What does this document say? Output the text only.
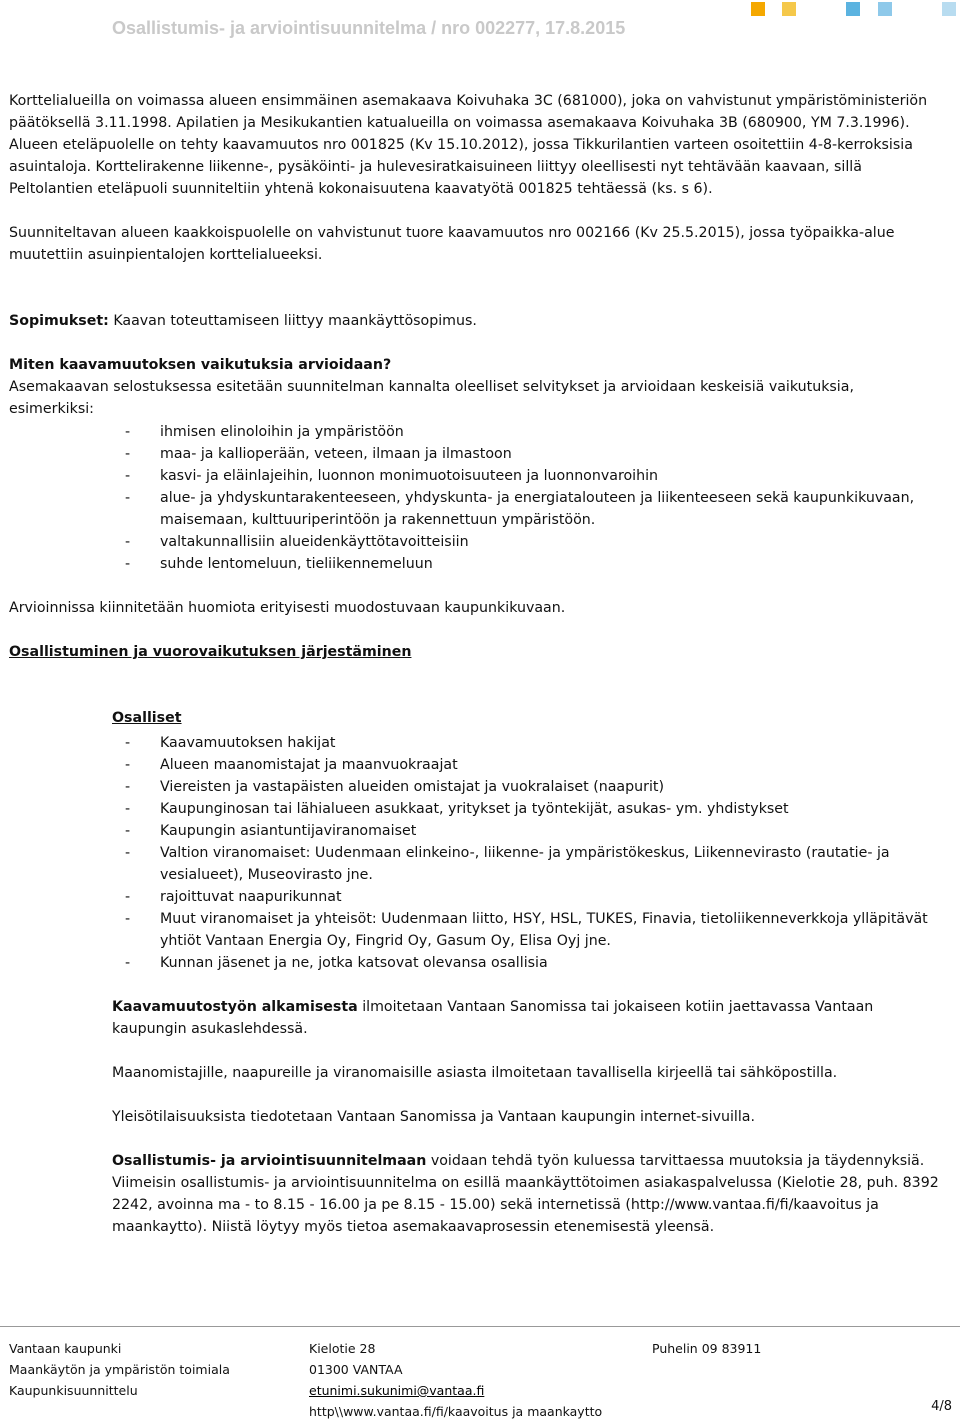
Osallistumis- ja arviointisuunnitelma / nro 002277, 17.8.2015

Korttelialueilla on voimassa alueen ensimmäinen asemakaava Koivuhaka 3C (681000), joka on vahvistunut ympäristöministeriön päätöksellä 3.11.1998. Apilatien ja Mesikukantien katualueilla on voimassa asemakaava Koivuhaka 3B (680900, YM 7.3.1996). Alueen eteläpuolelle on tehty kaavamuutos nro 001825 (Kv 15.10.2012), jossa Tikkurilantien varteen osoitettiin 4-8-kerroksisia asuintaloja. Korttelirakenne liikenne-, pysäköinti- ja hulevesiratkaisuineen liittyy oleellisesti nyt tehtävään kaavaan, sillä Peltolantien eteläpuoli suunniteltiin yhtenä kokonaisuutena kaavatyötä 001825 tehtäessä (ks. s 6).

Suunniteltavan alueen kaakkoispuolelle on vahvistunut tuore kaavamuutos nro 002166 (Kv 25.5.2015), jossa työpaikka-alue muutettiin asuinpientalojen korttelialueeksi.

Sopimukset: Kaavan toteuttamiseen liittyy maankäyttösopimus.

Miten kaavamuutoksen vaikutuksia arvioidaan?

Asemakaavan selostuksessa esitetään suunnitelman kannalta oleelliset selvitykset ja arvioidaan keskeisiä vaikutuksia, esimerkiksi:

- ihmisen elinoloihin ja ympäristöön
- maa- ja kallioperään, veteen, ilmaan ja ilmastoon
- kasvi- ja eläinlajeihin, luonnon monimuotoisuuteen ja luonnonvaroihin
- alue- ja yhdyskuntarakenteeseen, yhdyskunta- ja energiatalouteen ja liikenteeseen sekä kaupunkikuvaan, maisemaan, kulttuuriperintöön ja rakennettuun ympäristöön.
- valtakunnallisiin alueidenkäyttötavoitteisiin
- suhde lentomeluun, tieliikennemeluun

Arvioinnissa kiinnitetään huomiota erityisesti muodostuvaan kaupunkikuvaan.

Osallistuminen ja vuorovaikutuksen järjestäminen

Osalliset

- Kaavamuutoksen hakijat
- Alueen maanomistajat ja maanvuokraajat
- Viereisten ja vastapäisten alueiden omistajat ja vuokralaiset (naapurit)
- Kaupunginosan tai lähialueen asukkaat, yritykset ja työntekijät, asukas- ym. yhdistykset
- Kaupungin asiantuntijaviranomaiset
- Valtion viranomaiset: Uudenmaan elinkeino-, liikenne- ja ympäristökeskus, Liikennevirasto (rautatie- ja vesialueet), Museovirasto jne.
- rajoittuvat naapurikunnat
- Muut viranomaiset ja yhteisöt: Uudenmaan liitto, HSY, HSL, TUKES, Finavia, tietoliikenneverkkoja ylläpitävät yhtiöt Vantaan Energia Oy, Fingrid Oy, Gasum Oy, Elisa Oyj jne.
- Kunnan jäsenet ja ne, jotka katsovat olevansa osallisia

Kaavamuutostyön alkamisesta ilmoitetaan Vantaan Sanomissa tai jokaiseen kotiin jaettavassa Vantaan kaupungin asukaslehdessä.

Maanomistajille, naapureille ja viranomaisille asiasta ilmoitetaan tavallisella kirjeellä tai sähköpostilla.

Yleisötilaisuuksista tiedotetaan Vantaan Sanomissa ja Vantaan kaupungin internet-sivuilla.

Osallistumis- ja arviointisuunnitelmaan voidaan tehdä työn kuluessa tarvittaessa muutoksia ja täydennyksiä. Viimeisin osallistumis- ja arviointisuunnitelma on esillä maankäyttötoimen asiakaspalvelussa (Kielotie 28, puh. 8392 2242, avoinna ma - to 8.15 - 16.00 ja pe 8.15 - 15.00) sekä internetissä (http://www.vantaa.fi/fi/kaavoitus ja maankaytto). Niistä löytyy myös tietoa asemakaavaprosessin etenemisestä yleensä.

Vantaan kaupunki
Maankäytön ja ympäristön toimiala
Kaupunkisuunnittelu
Kielotie 28
01300 VANTAA
etunimi.sukunimi@vantaa.fi
http\\www.vantaa.fi/fi/kaavoitus ja maankaytto
Puhelin 09 83911
4/8
